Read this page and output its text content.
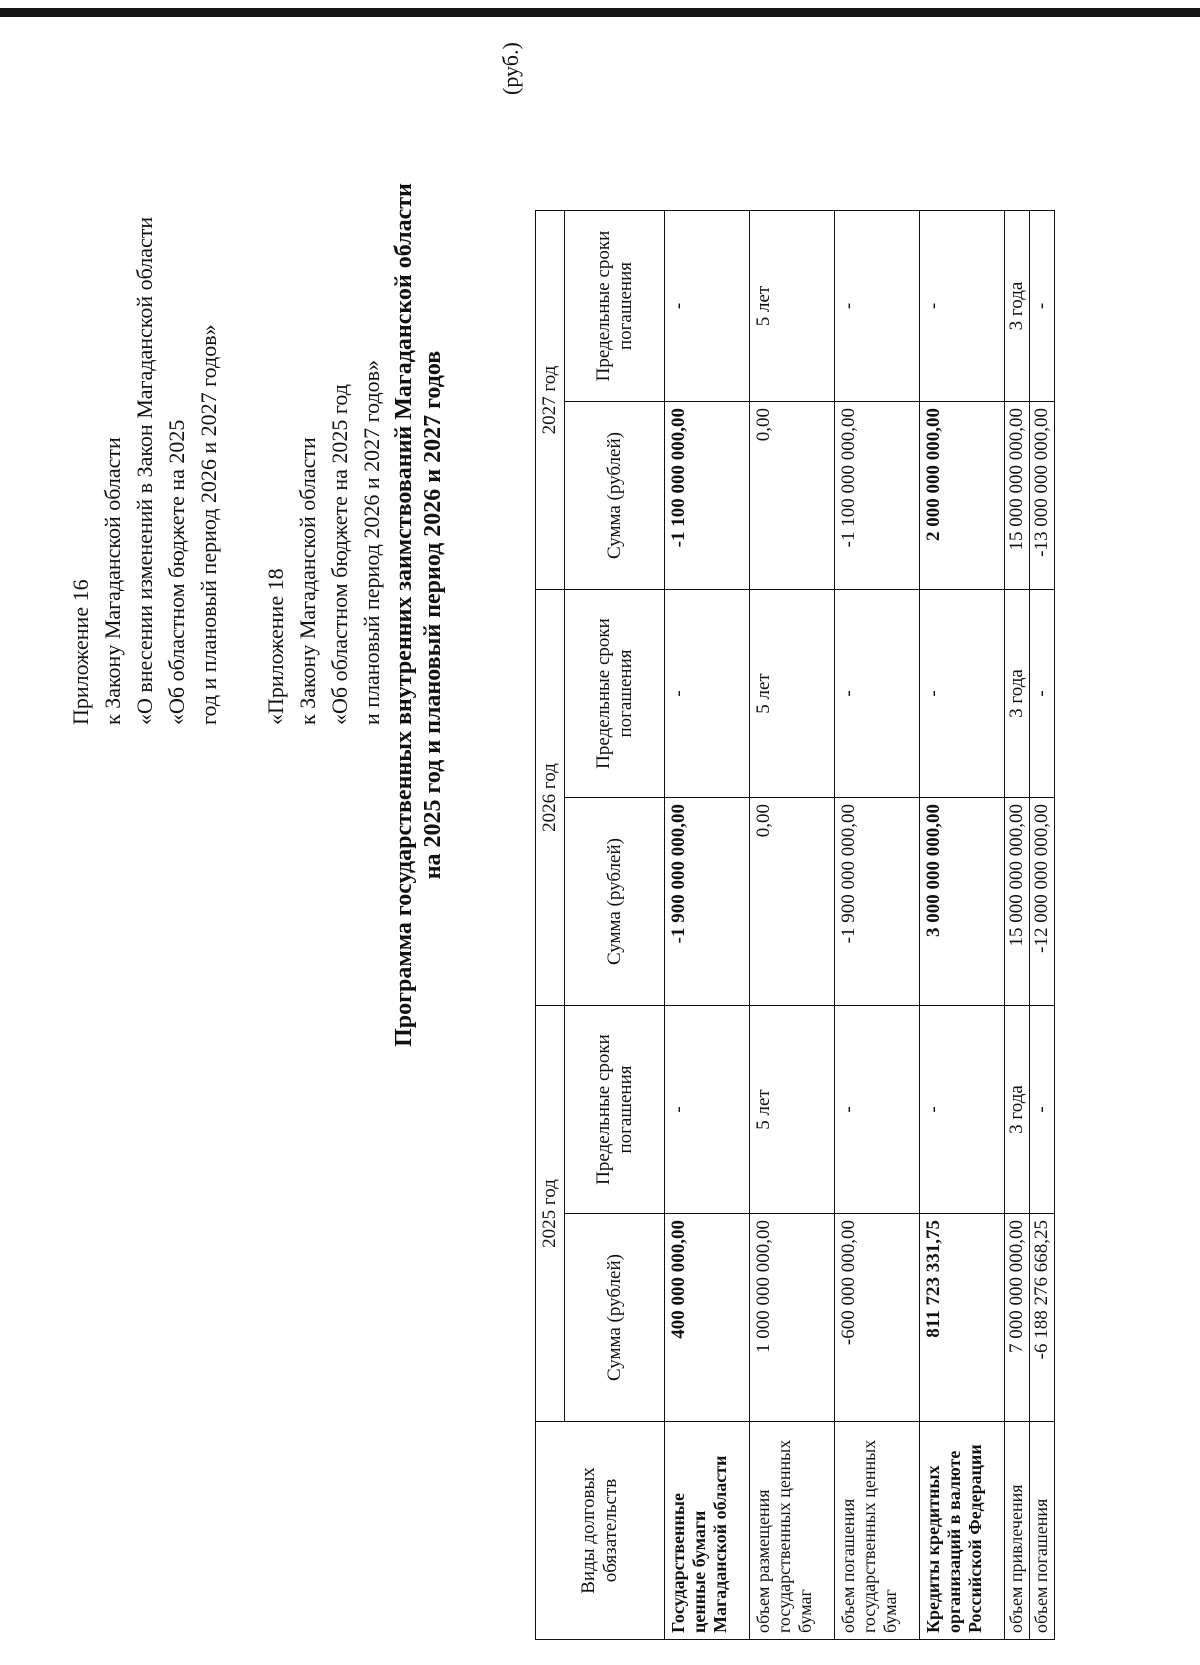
Приложение 16 к Закону Магаданской области «О внесении изменений в Закон Магаданской области «Об областном бюджете на 2025 год и плановый период 2026 и 2027 годов» «Приложение 18 к Закону Магаданской области «Об областном бюджете на 2025 год и плановый период 2026 и 2027 годов» Программа государственных внутренних заимствований Магаданской области на 2025 год и плановый период 2026 и 2027 годов
(руб.)
Виды долговых обязательств	2025 год		2026 год		2027 год	
	Сумма (рублей)	Предельные сроки погашения	Сумма (рублей)	Предельные сроки погашения	Сумма (рублей)	Предельные сроки погашения
Государственные ценные бумаги Магаданской области	400 000 000,00	-	-1 900 000 000,00	-	-1 100 000 000,00	-
объем размещения государственных ценных бумаг	1 000 000 000,00	5 лет	0,00	5 лет	0,00	5 лет
объем погашения государственных ценных бумаг	-600 000 000,00	-	-1 900 000 000,00	-	-1 100 000 000,00	-
Кредиты кредитных организаций в валюте Российской Федерации	811 723 331,75	-	3 000 000 000,00	-	2 000 000 000,00	-
объем привлечения	7 000 000 000,00	3 года	15 000 000 000,00	3 года	15 000 000 000,00	3 года
объем погашения	-6 188 276 668,25	-	-12 000 000 000,00	-	-13 000 000 000,00	-
